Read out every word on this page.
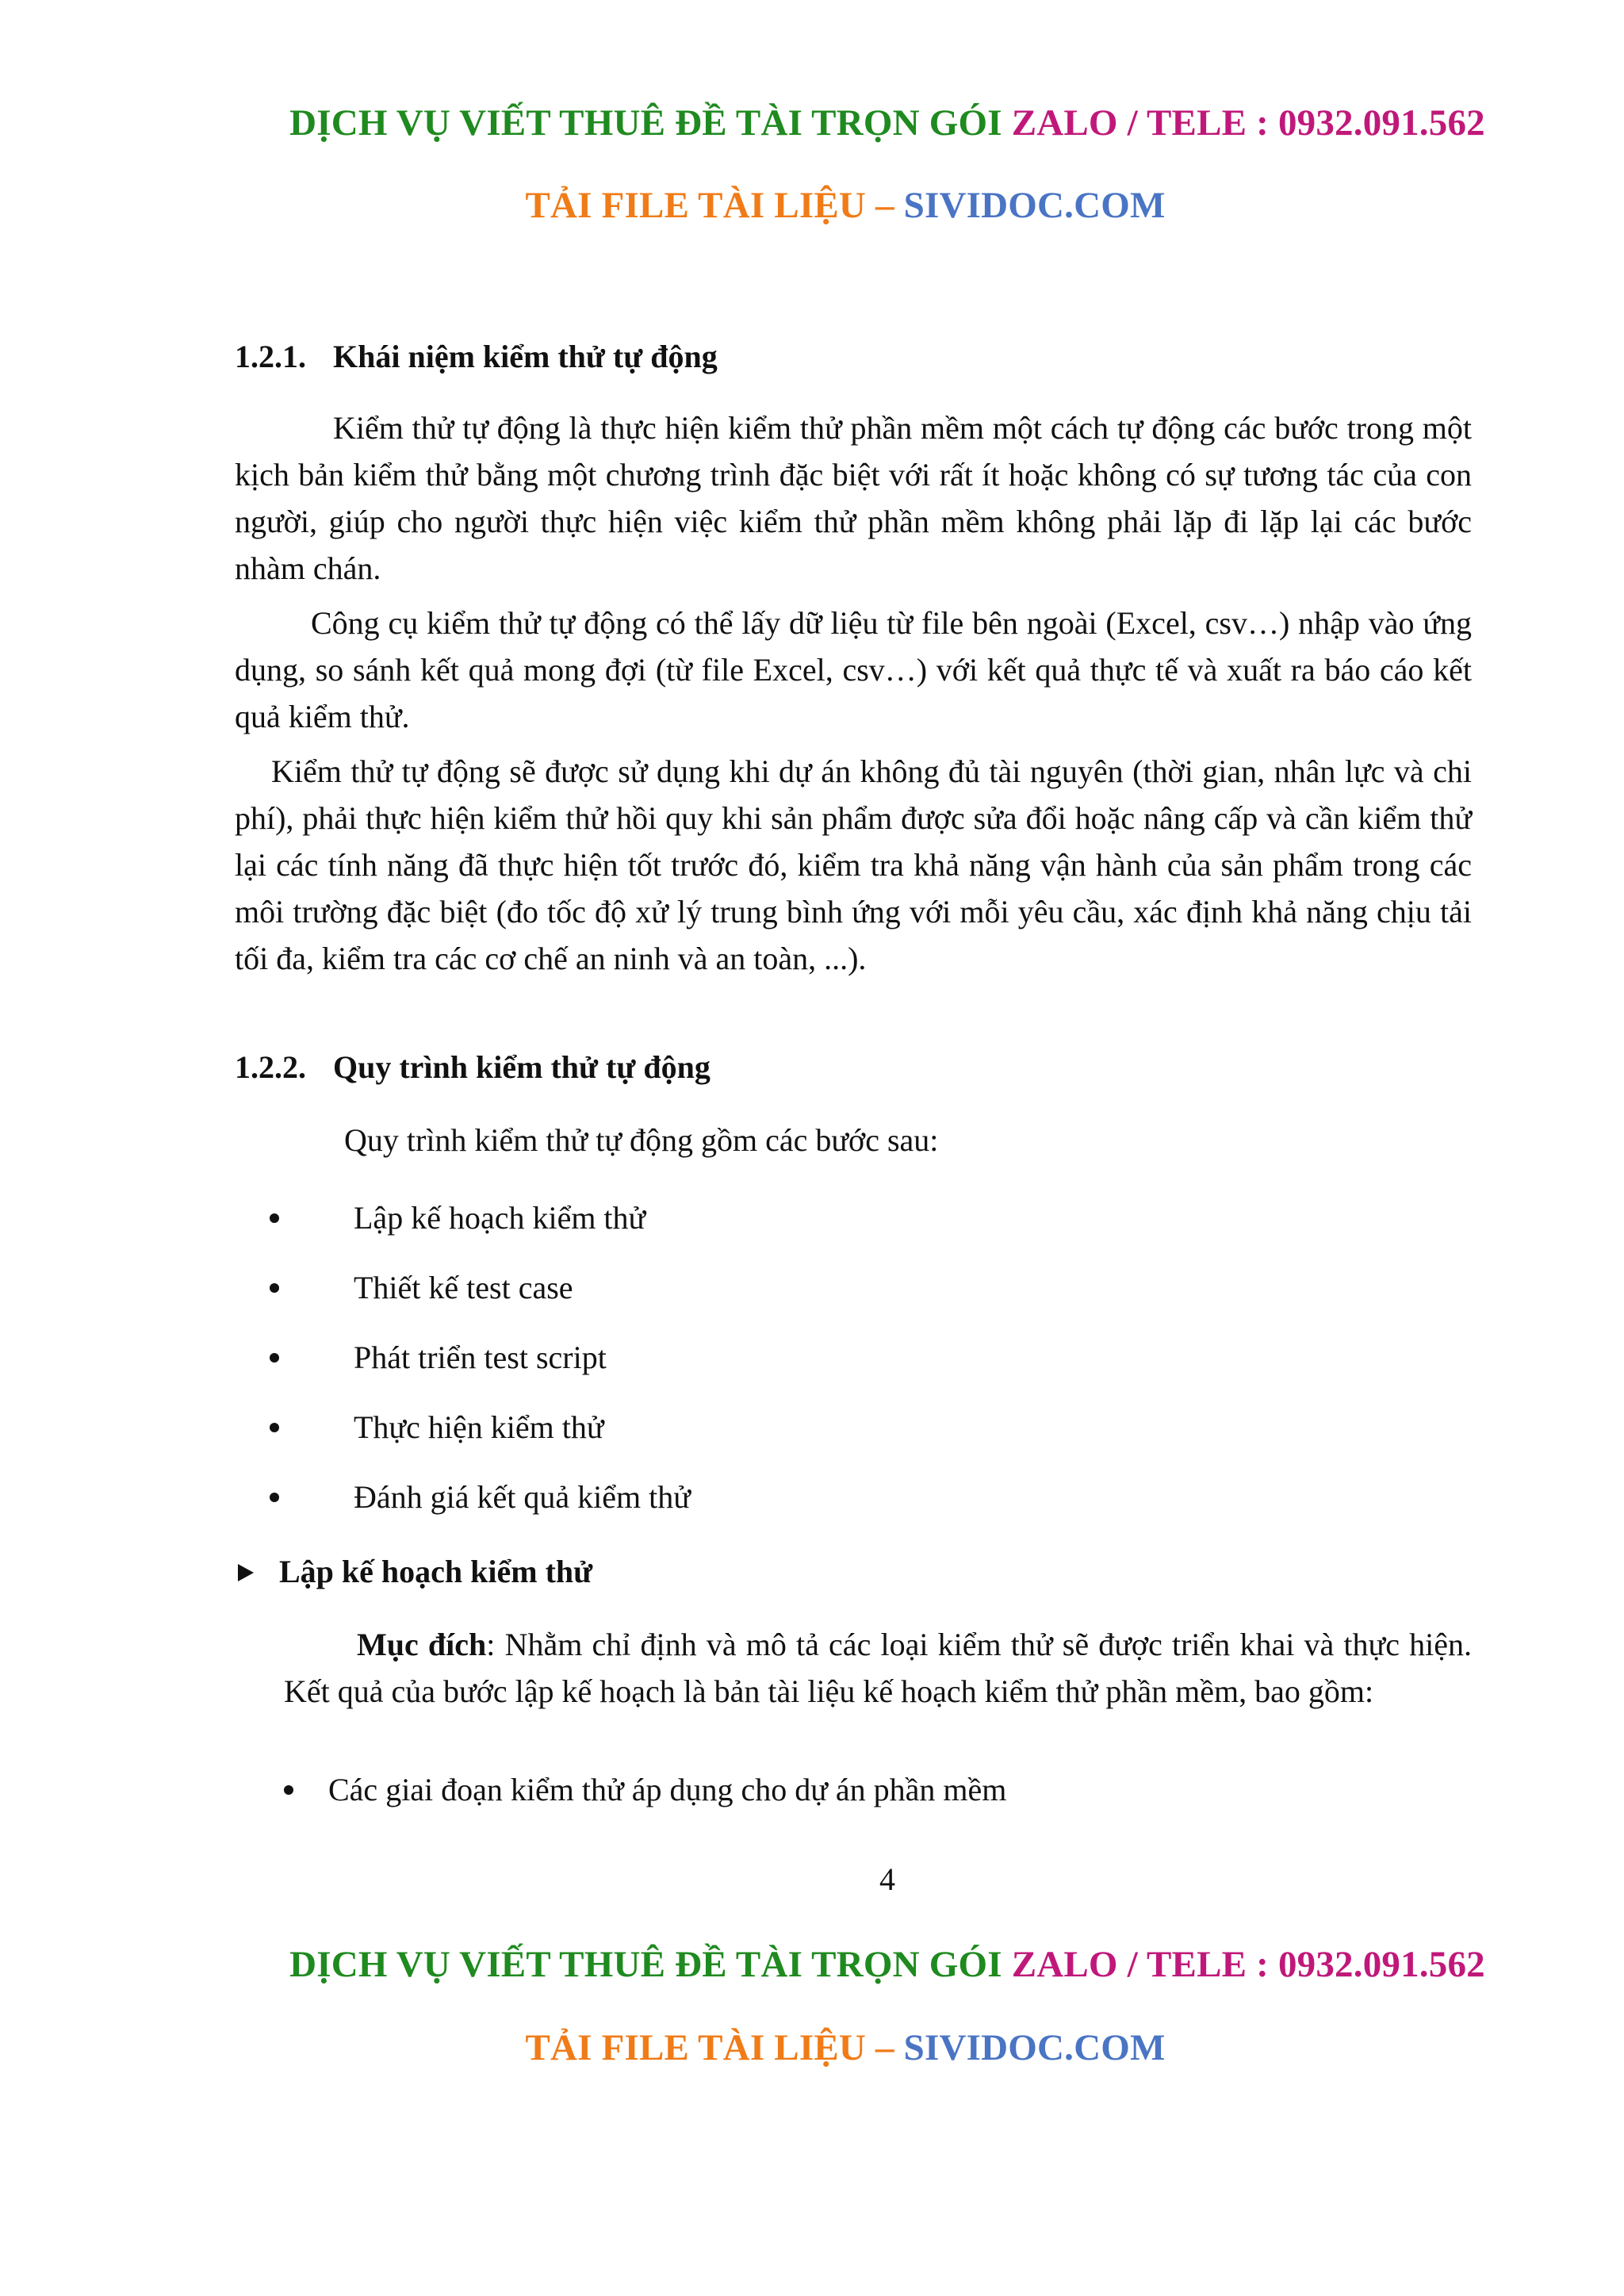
DỊCH VỤ VIẾT THUÊ ĐỀ TÀI TRỌN GÓI ZALO / TELE : 0932.091.562
TẢI FILE TÀI LIỆU – SIVIDOC.COM
1.2.1. Khái niệm kiểm thử tự động
Kiểm thử tự động là thực hiện kiểm thử phần mềm một cách tự động các bước trong một kịch bản kiểm thử bằng một chương trình đặc biệt với rất ít hoặc không có sự tương tác của con người, giúp cho người thực hiện việc kiểm thử phần mềm không phải lặp đi lặp lại các bước nhàm chán.
Công cụ kiểm thử tự động có thể lấy dữ liệu từ file bên ngoài (Excel, csv…) nhập vào ứng dụng, so sánh kết quả mong đợi (từ file Excel, csv…) với kết quả thực tế và xuất ra báo cáo kết quả kiểm thử.
Kiểm thử tự động sẽ được sử dụng khi dự án không đủ tài nguyên (thời gian, nhân lực và chi phí), phải thực hiện kiểm thử hồi quy khi sản phẩm được sửa đổi hoặc nâng cấp và cần kiểm thử lại các tính năng đã thực hiện tốt trước đó, kiểm tra khả năng vận hành của sản phẩm trong các môi trường đặc biệt (đo tốc độ xử lý trung bình ứng với mỗi yêu cầu, xác định khả năng chịu tải tối đa, kiểm tra các cơ chế an ninh và an toàn, ...).
1.2.2. Quy trình kiểm thử tự động
Quy trình kiểm thử tự động gồm các bước sau:
Lập kế hoạch kiểm thử
Thiết kế test case
Phát triển test script
Thực hiện kiểm thử
Đánh giá kết quả kiểm thử
Lập kế hoạch kiểm thử
Mục đích: Nhằm chỉ định và mô tả các loại kiểm thử sẽ được triển khai và thực hiện. Kết quả của bước lập kế hoạch là bản tài liệu kế hoạch kiểm thử phần mềm, bao gồm:
Các giai đoạn kiểm thử áp dụng cho dự án phần mềm
4
DỊCH VỤ VIẾT THUÊ ĐỀ TÀI TRỌN GÓI ZALO / TELE : 0932.091.562
TẢI FILE TÀI LIỆU – SIVIDOC.COM
